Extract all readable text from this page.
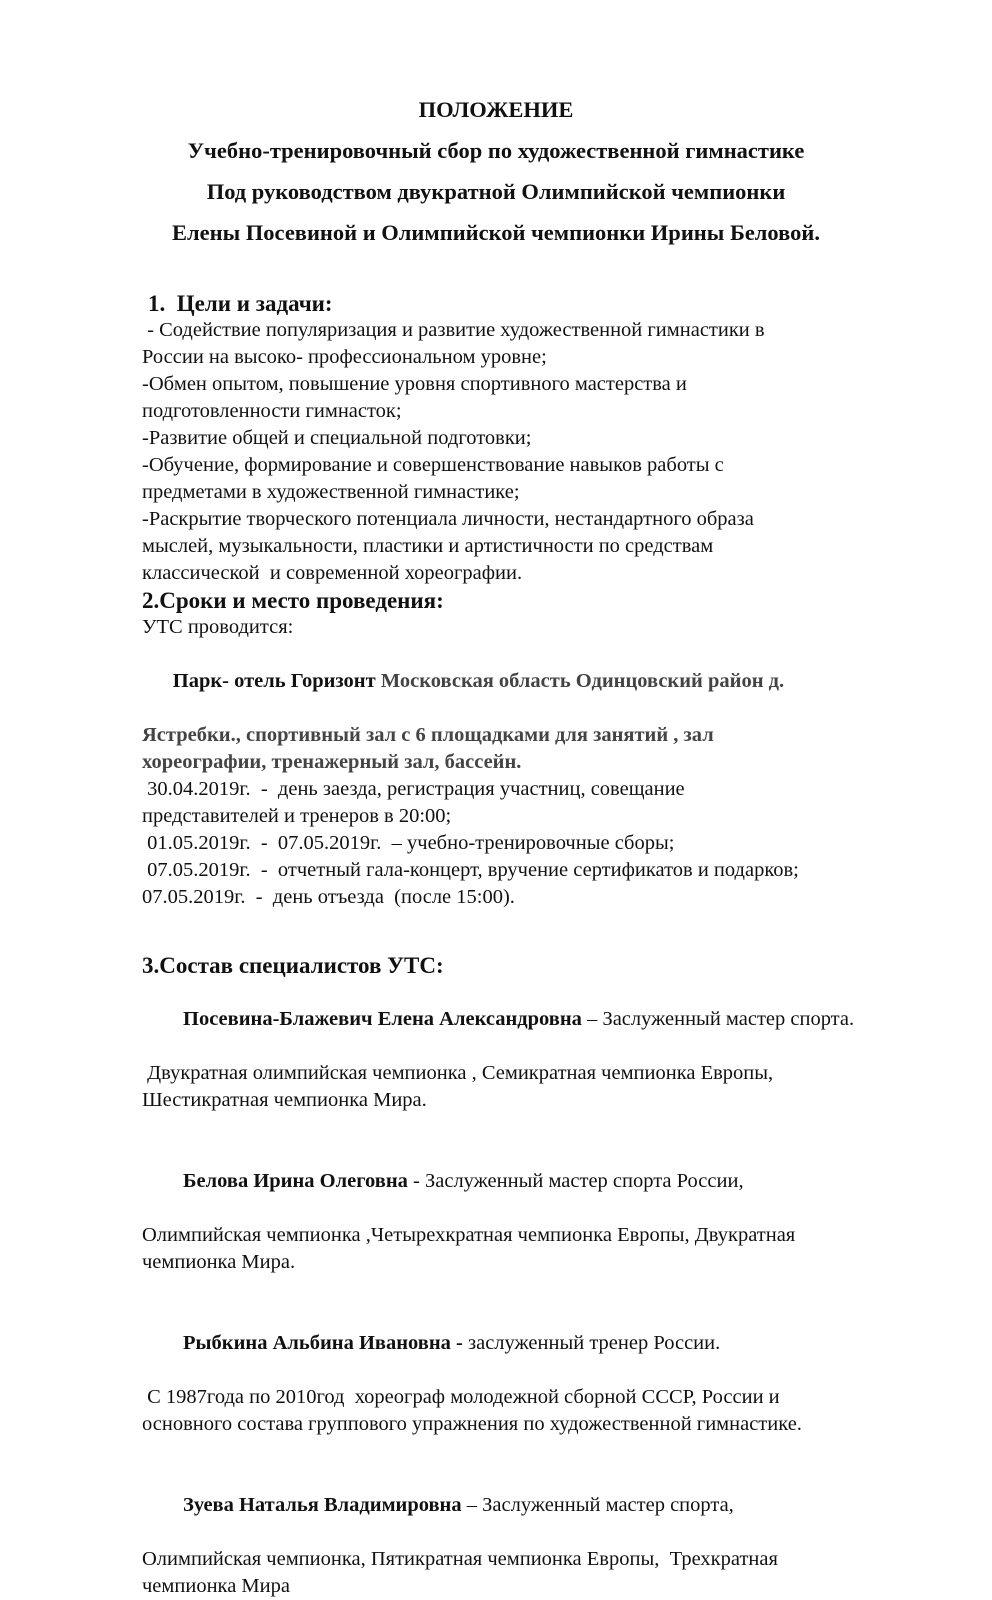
ПОЛОЖЕНИЕ
Учебно-тренировочный сбор по художественной гимнастике
Под руководством двукратной Олимпийской чемпионки
Елены Посевиной и Олимпийской чемпионки Ирины Беловой.
1.  Цели и задачи:
- Содействие популяризация и развитие художественной гимнастики в
России на высоко- профессиональном уровне;
-Обмен опытом, повышение уровня спортивного мастерства и
подготовленности гимнасток;
-Развитие общей и специальной подготовки;
-Обучение, формирование и совершенствование навыков работы с
предметами в художественной гимнастике;
-Раскрытие творческого потенциала личности, нестандартного образа
мыслей, музыкальности, пластики и артистичности по средствам
классической  и современной хореографии.
2.Сроки и место проведения:
УТС проводится:

Парк- отель Горизонт Московская область Одинцовский район д.

Ястребки., спортивный зал с 6 площадками для занятий , зал
хореографии, тренажерный зал, бассейн.
30.04.2019г.  -  день заезда, регистрация участниц, совещание
представителей и тренеров в 20:00;
01.05.2019г.  -  07.05.2019г.  – учебно-тренировочные сборы;
07.05.2019г.  -  отчетный гала-концерт, вручение сертификатов и подарков;
07.05.2019г.  -  день отъезда  (после 15:00).
3.Состав специалистов УТС:

Посевина-Блажевич Елена Александровна – Заслуженный мастер спорта.

Двукратная олимпийская чемпионка , Семикратная чемпионка Европы,
Шестикратная чемпионка Мира.

Белова Ирина Олеговна - Заслуженный мастер спорта России,

Олимпийская чемпионка ,Четырехкратная чемпионка Европы, Двукратная
чемпионка Мира.

Рыбкина Альбина Ивановна - заслуженный тренер России.

С 1987года по 2010год  хореограф молодежной сборной СССР, России и
основного состава группового упражнения по художественной гимнастике.

Зуева Наталья Владимировна – Заслуженный мастер спорта,

Олимпийская чемпионка, Пятикратная чемпионка Европы,  Трехкратная
чемпионка Мира
